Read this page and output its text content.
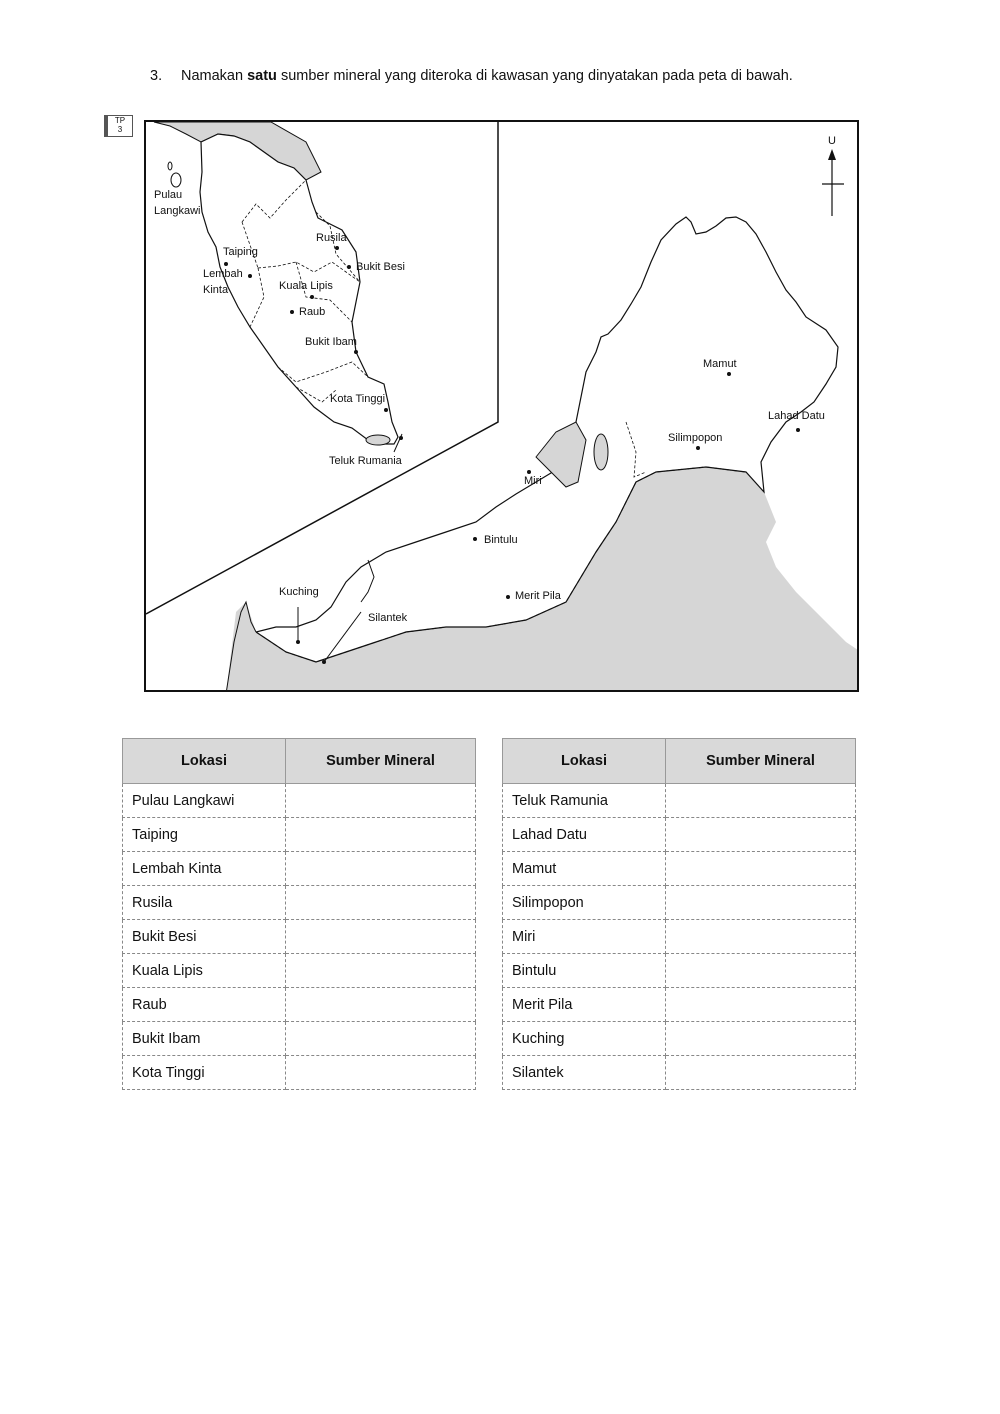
3. Namakan satu sumber mineral yang diteroka di kawasan yang dinyatakan pada peta di bawah.
TP
3
U
Pulau
Langkawi
Taiping
Lembah
Kinta
Rusila
Bukit Besi
Kuala Lipis
Raub
Bukit Ibam
Kota Tinggi
Teluk Rumania
Mamut
Lahad Datu
Silimpopon
Miri
Bintulu
Merit Pila
Kuching
Silantek
Lokasi	Sumber Mineral
Pulau Langkawi	
Taiping	
Lembah Kinta	
Rusila	
Bukit Besi	
Kuala Lipis	
Raub	
Bukit Ibam	
Kota Tinggi	
Lokasi	Sumber Mineral
Teluk Ramunia	
Lahad Datu	
Mamut	
Silimpopon	
Miri	
Bintulu	
Merit Pila	
Kuching	
Silantek	
